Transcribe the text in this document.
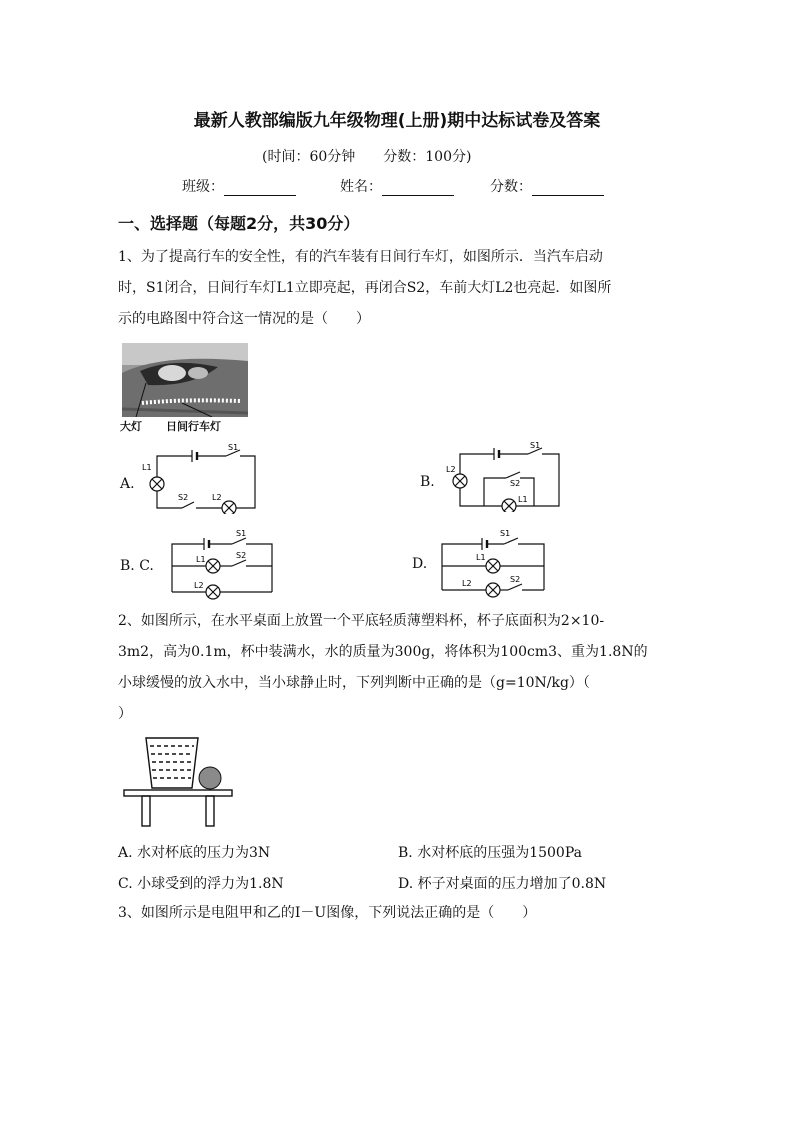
最新人教部编版九年级物理(上册)期中达标试卷及答案
(时间：60分钟　　分数：100分)
班级：	姓名：	分数：
一、选择题（每题2分，共30分）
1、为了提高行车的安全性，有的汽车装有日间行车灯，如图所示．当汽车启动
时，S1闭合，日间行车灯L1立即亮起，再闭合S2，车前大灯L2也亮起．如图所
示的电路图中符合这一情况的是（　　）
大灯 日间行车灯
A.
L1
S1
S2	L2
B.
L2
S1
S2
L1
B. C.
S1
L1	S2
L2
D.
S1
L1
L2	S2
2、如图所示，在水平桌面上放置一个平底轻质薄塑料杯，杯子底面积为2×10-
3m2，高为0.1m，杯中装满水，水的质量为300g，将体积为100cm3、重为1.8N的
小球缓慢的放入水中，当小球静止时，下列判断中正确的是（g=10N/kg）（
）
A. 水对杯底的压力为3N	B. 水对杯底的压强为1500Pa
C. 小球受到的浮力为1.8N	D. 杯子对桌面的压力增加了0.8N
3、如图所示是电阻甲和乙的I－U图像，下列说法正确的是（　　）
